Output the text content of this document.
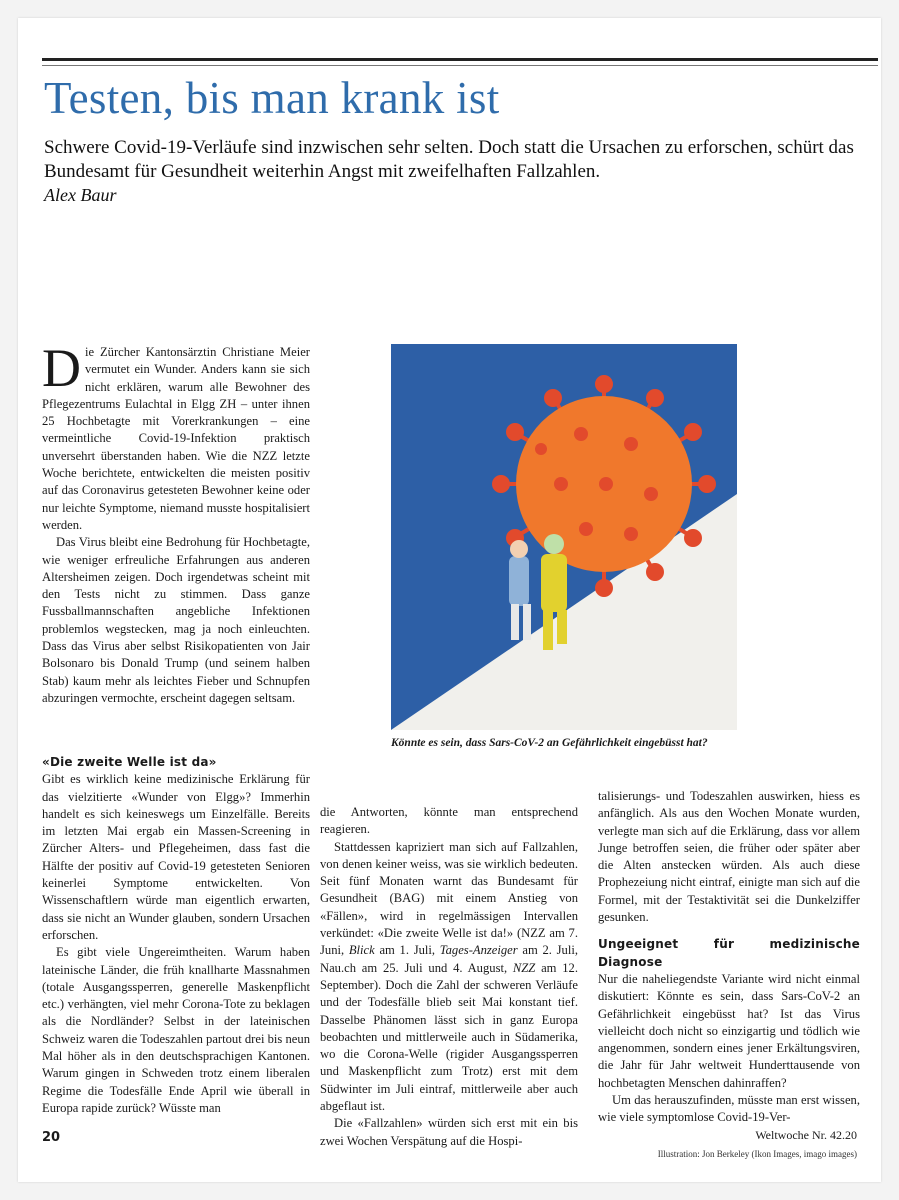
Testen, bis man krank ist

Schwere Covid-19-Verläufe sind inzwischen sehr selten. Doch statt die Ursachen zu erforschen, schürt das Bundesamt für Gesundheit weiterhin Angst mit zweifelhaften Fallzahlen.

Alex Baur

Die Zürcher Kantonsärztin Christiane Meier vermutet ein Wunder. Anders kann sie sich nicht erklären, warum alle Bewohner des Pflegezentrums Eulachtal in Elgg ZH – unter ihnen 25 Hochbetagte mit Vorerkrankungen – eine vermeintliche Covid-19-Infektion praktisch unversehrt überstanden haben. Wie die NZZ letzte Woche berichtete, entwickelten die meisten positiv auf das Coronavirus getesteten Bewohner keine oder nur leichte Symptome, niemand musste hospitalisiert werden.

Das Virus bleibt eine Bedrohung für Hochbetagte, wie weniger erfreuliche Erfahrungen aus anderen Altersheimen zeigen. Doch irgendetwas scheint mit den Tests nicht zu stimmen. Dass ganze Fussballmannschaften angebliche Infektionen problemlos wegstecken, mag ja noch einleuchten. Dass das Virus aber selbst Risikopatienten von Jair Bolsonaro bis Donald Trump (und seinem halben Stab) kaum mehr als leichtes Fieber und Schnupfen abzuringen vermochte, erscheint dagegen seltsam.

Könnte es sein, dass Sars-CoV-2 an Gefährlichkeit eingebüsst hat?

«Die zweite Welle ist da»

Gibt es wirklich keine medizinische Erklärung für das vielzitierte «Wunder von Elgg»? Immerhin handelt es sich keineswegs um Einzelfälle. Bereits im letzten Mai ergab ein Massen-Screening in Zürcher Alters- und Pflegeheimen, dass fast die Hälfte der positiv auf Covid-19 getesteten Senioren keinerlei Symptome entwickelten. Von Wissenschaftlern würde man eigentlich erwarten, dass sie nicht an Wunder glauben, sondern Ursachen erforschen.

Es gibt viele Ungereimtheiten. Warum haben lateinische Länder, die früh knallharte Massnahmen (totale Ausgangssperren, generelle Maskenpflicht etc.) verhängten, viel mehr Corona-Tote zu beklagen als die Nordländer? Selbst in der lateinischen Schweiz waren die Todeszahlen partout drei bis neun Mal höher als in den deutschsprachigen Kantonen. Warum gingen in Schweden trotz einem liberalen Regime die Todesfälle Ende April wie überall in Europa rapide zurück? Wüsste man

die Antworten, könnte man entsprechend reagieren.

Stattdessen kapriziert man sich auf Fallzahlen, von denen keiner weiss, was sie wirklich bedeuten. Seit fünf Monaten warnt das Bundesamt für Gesundheit (BAG) mit einem Anstieg von «Fällen», wird in regelmässigen Intervallen verkündet: «Die zweite Welle ist da!» (NZZ am 7. Juni, Blick am 1. Juli, Tages-Anzeiger am 2. Juli, Nau.ch am 25. Juli und 4. August, NZZ am 12. September). Doch die Zahl der schweren Verläufe und der Todesfälle blieb seit Mai konstant tief. Dasselbe Phänomen lässt sich in ganz Europa beobachten und mittlerweile auch in Südamerika, wo die Corona-Welle (rigider Ausgangssperren und Maskenpflicht zum Trotz) erst mit dem Südwinter im Juli eintraf, mittlerweile aber auch abgeflaut ist.

Die «Fallzahlen» würden sich erst mit ein bis zwei Wochen Verspätung auf die Hospi-

talisierungs- und Todeszahlen auswirken, hiess es anfänglich. Als aus den Wochen Monate wurden, verlegte man sich auf die Erklärung, dass vor allem Junge betroffen seien, die früher oder später aber die Alten anstecken würden. Als auch diese Prophezeiung nicht eintraf, einigte man sich auf die Formel, mit der Testaktivität sei die Dunkelziffer gesunken.

Ungeeignet für medizinische Diagnose

Nur die naheliegendste Variante wird nicht einmal diskutiert: Könnte es sein, dass Sars-CoV-2 an Gefährlichkeit eingebüsst hat? Ist das Virus vielleicht doch nicht so einzigartig und tödlich wie angenommen, sondern eines jener Erkältungsviren, die Jahr für Jahr weltweit Hunderttausende von hochbetagten Menschen dahinraffen?

Um das herauszufinden, müsste man erst wissen, wie viele symptomlose Covid-19-Ver-

20	Weltwoche Nr. 42.20
Illustration: Jon Berkeley (Ikon Images, imago images)
